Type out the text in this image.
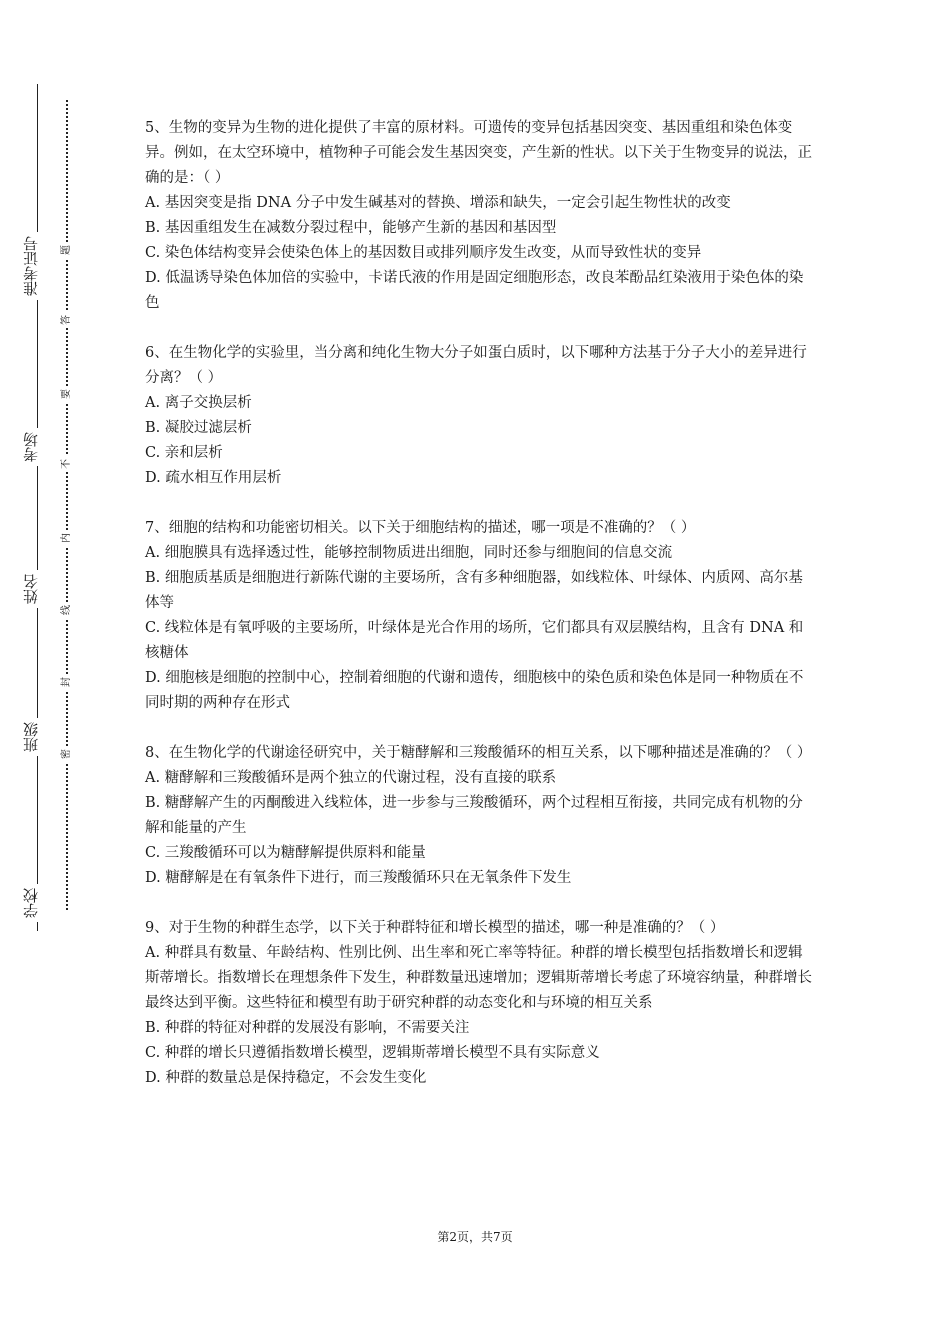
准考证号
考场
姓名
班级
学校
题
答
要
不
内
线
封
密

5、生物的变异为生物的进化提供了丰富的原材料。可遗传的变异包括基因突变、基因重组和染色体变异。例如，在太空环境中，植物种子可能会发生基因突变，产生新的性状。以下关于生物变异的说法，正确的是：（ ）

A. 基因突变是指 DNA 分子中发生碱基对的替换、增添和缺失，一定会引起生物性状的改变

B. 基因重组发生在减数分裂过程中，能够产生新的基因和基因型

C. 染色体结构变异会使染色体上的基因数目或排列顺序发生改变，从而导致性状的变异

D. 低温诱导染色体加倍的实验中，卡诺氏液的作用是固定细胞形态，改良苯酚品红染液用于染色体的染色

6、在生物化学的实验里，当分离和纯化生物大分子如蛋白质时，以下哪种方法基于分子大小的差异进行分离？（ ）

A. 离子交换层析

B. 凝胶过滤层析

C. 亲和层析

D. 疏水相互作用层析

7、细胞的结构和功能密切相关。以下关于细胞结构的描述，哪一项是不准确的？（ ）

A. 细胞膜具有选择透过性，能够控制物质进出细胞，同时还参与细胞间的信息交流

B. 细胞质基质是细胞进行新陈代谢的主要场所，含有多种细胞器，如线粒体、叶绿体、内质网、高尔基体等

C. 线粒体是有氧呼吸的主要场所，叶绿体是光合作用的场所，它们都具有双层膜结构，且含有 DNA 和核糖体

D. 细胞核是细胞的控制中心，控制着细胞的代谢和遗传，细胞核中的染色质和染色体是同一种物质在不同时期的两种存在形式

8、在生物化学的代谢途径研究中，关于糖酵解和三羧酸循环的相互关系，以下哪种描述是准确的？（ ）

A. 糖酵解和三羧酸循环是两个独立的代谢过程，没有直接的联系

B. 糖酵解产生的丙酮酸进入线粒体，进一步参与三羧酸循环，两个过程相互衔接，共同完成有机物的分解和能量的产生

C. 三羧酸循环可以为糖酵解提供原料和能量

D. 糖酵解是在有氧条件下进行，而三羧酸循环只在无氧条件下发生

9、对于生物的种群生态学，以下关于种群特征和增长模型的描述，哪一种是准确的？（ ）

A. 种群具有数量、年龄结构、性别比例、出生率和死亡率等特征。种群的增长模型包括指数增长和逻辑斯蒂增长。指数增长在理想条件下发生，种群数量迅速增加；逻辑斯蒂增长考虑了环境容纳量，种群增长最终达到平衡。这些特征和模型有助于研究种群的动态变化和与环境的相互关系

B. 种群的特征对种群的发展没有影响，不需要关注

C. 种群的增长只遵循指数增长模型，逻辑斯蒂增长模型不具有实际意义

D. 种群的数量总是保持稳定，不会发生变化

第2页，共7页
